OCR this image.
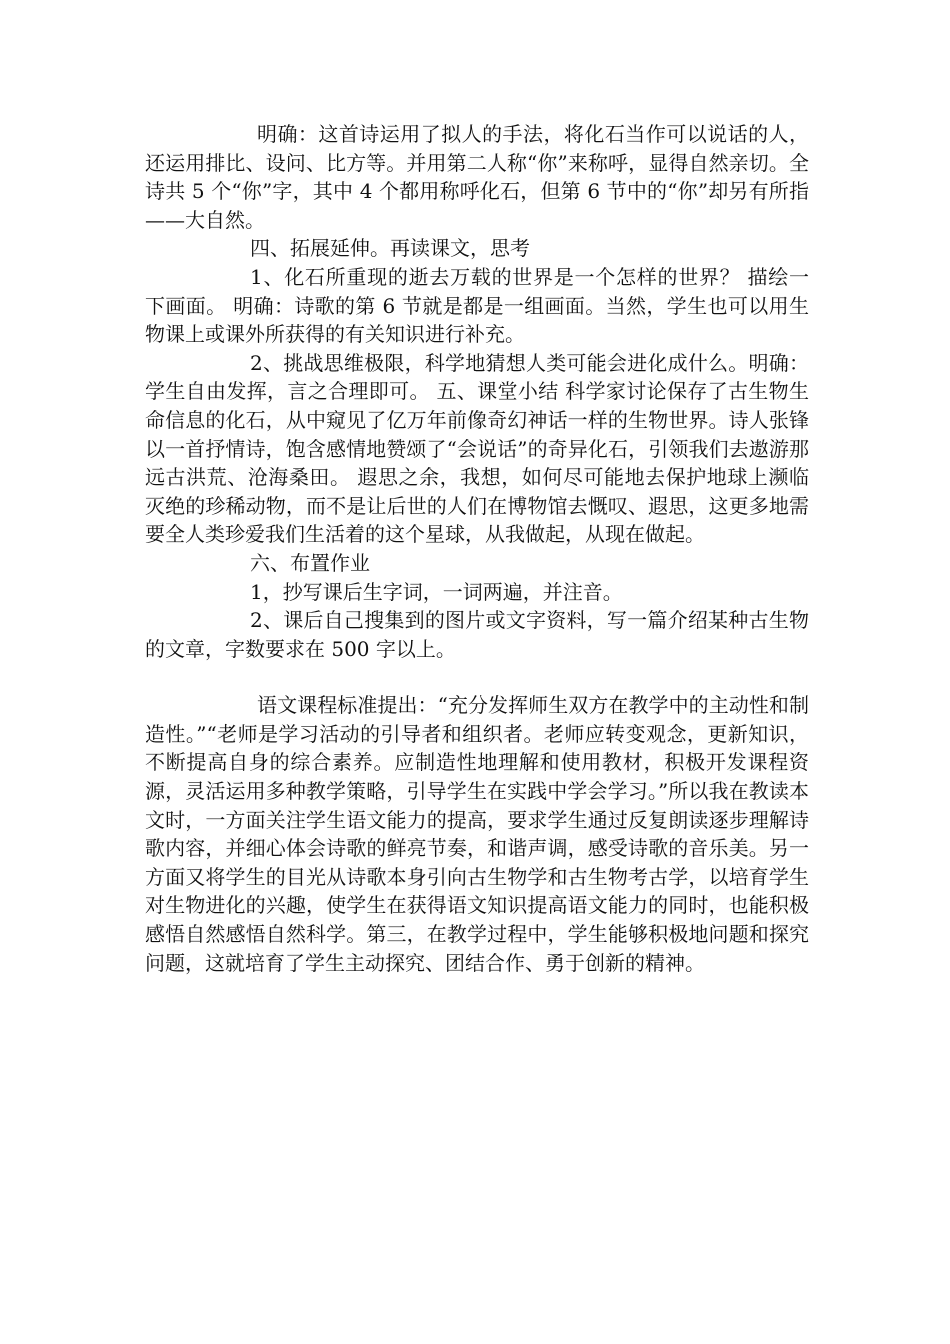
明确：这首诗运用了拟人的手法，将化石当作可以说话的人，还运用排比、设问、比方等。并用第二人称“你”来称呼，显得自然亲切。全诗共 5 个“你”字，其中 4 个都用称呼化石，但第 6 节中的“你”却另有所指——大自然。

四、拓展延伸。再读课文，思考

1、化石所重现的逝去万载的世界是一个怎样的世界？ 描绘一下画面。 明确：诗歌的第 6 节就是都是一组画面。当然，学生也可以用生物课上或课外所获得的有关知识进行补充。

2、挑战思维极限，科学地猜想人类可能会进化成什么。明确：学生自由发挥，言之合理即可。 五、课堂小结 科学家讨论保存了古生物生命信息的化石，从中窥见了亿万年前像奇幻神话一样的生物世界。诗人张锋以一首抒情诗，饱含感情地赞颂了“会说话”的奇异化石，引领我们去遨游那远古洪荒、沧海桑田。 遐思之余，我想，如何尽可能地去保护地球上濒临灭绝的珍稀动物，而不是让后世的人们在博物馆去慨叹、遐思，这更多地需要全人类珍爱我们生活着的这个星球，从我做起，从现在做起。

六、布置作业

1，抄写课后生字词，一词两遍，并注音。

2、课后自己搜集到的图片或文字资料，写一篇介绍某种古生物的文章，字数要求在 500 字以上。

语文课程标准提出：“充分发挥师生双方在教学中的主动性和制造性。”“老师是学习活动的引导者和组织者。老师应转变观念，更新知识，不断提高自身的综合素养。应制造性地理解和使用教材，积极开发课程资源，灵活运用多种教学策略，引导学生在实践中学会学习。”所以我在教读本文时，一方面关注学生语文能力的提高，要求学生通过反复朗读逐步理解诗歌内容，并细心体会诗歌的鲜亮节奏，和谐声调，感受诗歌的音乐美。另一方面又将学生的目光从诗歌本身引向古生物学和古生物考古学，以培育学生对生物进化的兴趣，使学生在获得语文知识提高语文能力的同时，也能积极感悟自然感悟自然科学。第三，在教学过程中，学生能够积极地问题和探究问题，这就培育了学生主动探究、团结合作、勇于创新的精神。
